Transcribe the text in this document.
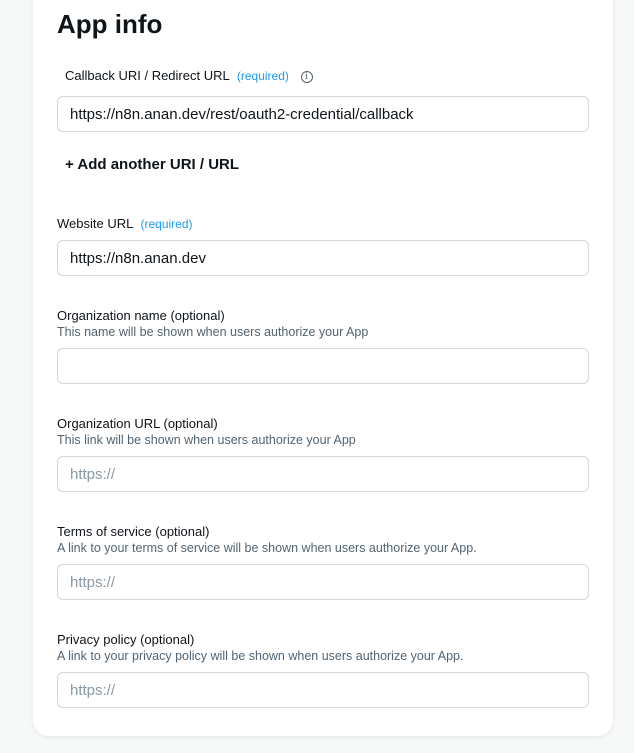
App info
Callback URI / Redirect URL (required) i
https://n8n.anan.dev/rest/oauth2-credential/callback
+ Add another URI / URL
Website URL (required)
https://n8n.anan.dev
Organization name (optional)
This name will be shown when users authorize your App
Organization URL (optional)
This link will be shown when users authorize your App
https://
Terms of service (optional)
A link to your terms of service will be shown when users authorize your App.
https://
Privacy policy (optional)
A link to your privacy policy will be shown when users authorize your App.
https://
